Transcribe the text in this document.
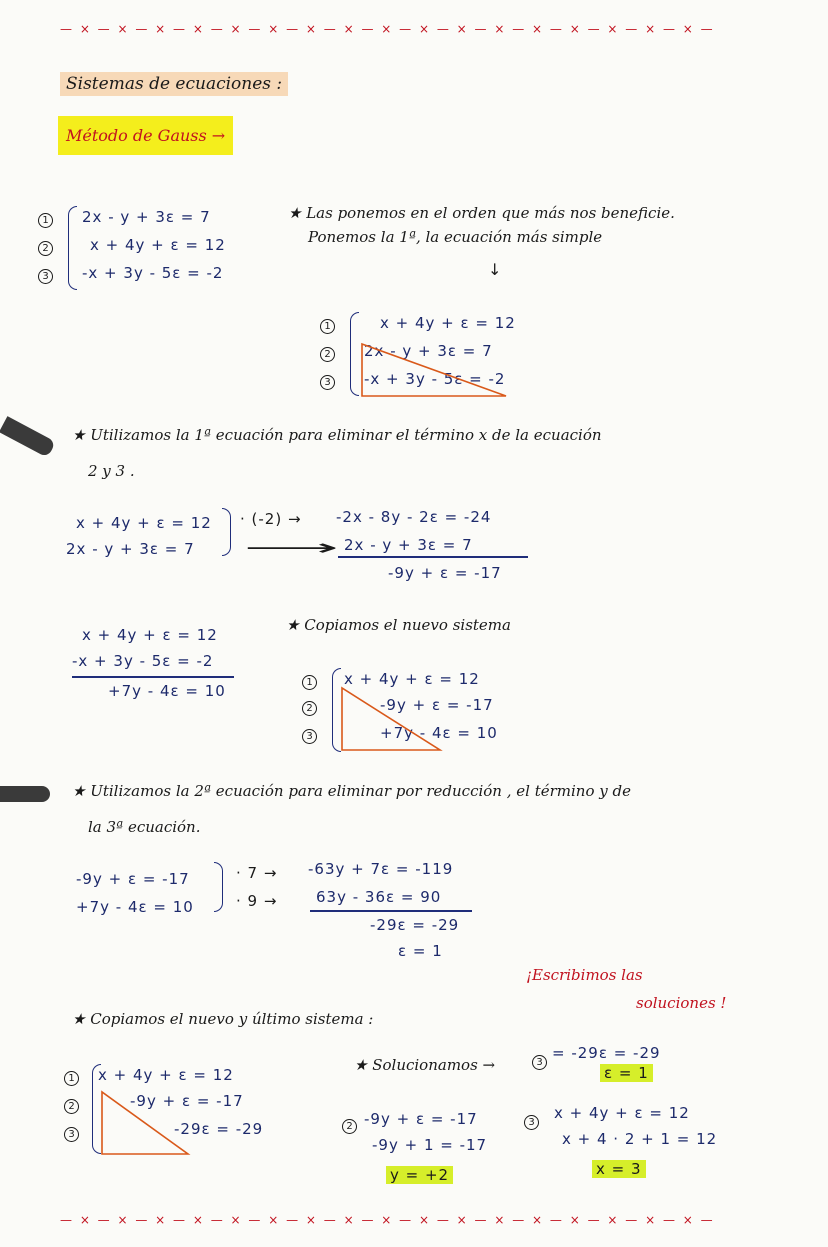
— × — × — × — × — × — × — × — × — × — × — × — × — × — × — × — × — × —
— × — × — × — × — × — × — × — × — × — × — × — × — × — × — × — × — × —
Sistemas de ecuaciones :
Método de Gauss →
1
2
3
2x - y + 3ε = 7
x + 4y + ε = 12
-x + 3y - 5ε = -2
★ Las ponemos en el orden que más nos beneficie.
Ponemos la 1ª, la ecuación más simple
↓
1
2
3
x + 4y + ε = 12
2x - y + 3ε = 7
-x + 3y - 5ε = -2
★ Utilizamos la 1ª ecuación para eliminar el término x de la ecuación
2 y 3 .
x + 4y + ε = 12
2x - y + 3ε = 7
· (-2) →
⟶
-2x - 8y - 2ε = -24
2x - y + 3ε = 7
-9y + ε = -17
x + 4y + ε = 12
-x + 3y - 5ε = -2
+7y - 4ε = 10
★ Copiamos el nuevo sistema
1
2
3
x + 4y + ε = 12
-9y + ε = -17
+7y - 4ε = 10
★ Utilizamos la 2ª ecuación para eliminar por reducción , el término y de
la 3ª ecuación.
-9y + ε = -17
+7y - 4ε = 10
· 7 →
· 9 →
-63y + 7ε = -119
63y - 36ε = 90
-29ε = -29
ε = 1
¡Escribimos las
soluciones !
★ Copiamos el nuevo y último sistema :
1
2
3
x + 4y + ε = 12
-9y + ε = -17
-29ε = -29
★ Solucionamos →	3
= -29ε = -29
ε = 1
2 -9y + ε = -17
-9y + 1 = -17
y = +2
3
x + 4y + ε = 12
x + 4 · 2 + 1 = 12
x = 3
